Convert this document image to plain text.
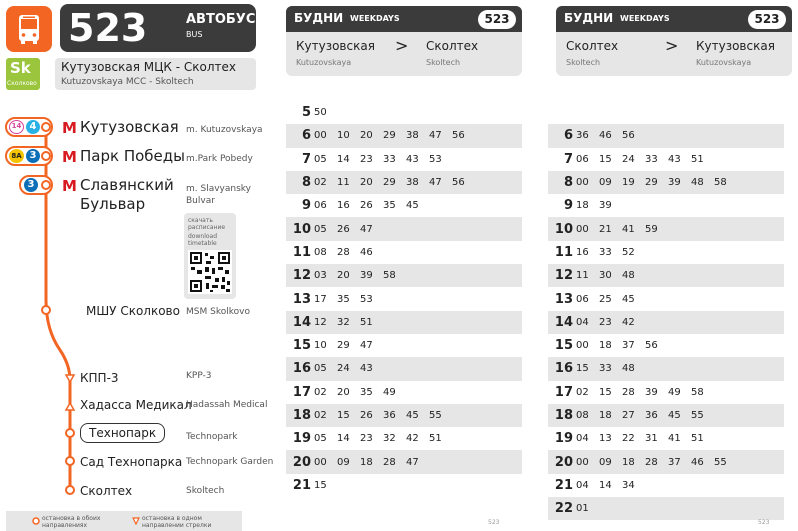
523	АВТОБУС
BUS
Sk
Сколково
Кутузовская МЦК - Сколтех
Kutuzovskaya MCC - Skoltech
14 4
8А 3
3
М Кутузовская m. Kutuzovskaya
М Парк Победы m.Park Pobedy
М Славянский
Бульвар
m. Slavyansky
Bulvar
скачать
расписание
download
timetable
МШУ Сколково MSM Skolkovo
КПП-3	KPP-3
Хадасса Медикал
Hadassah Medical
Технопарк	Technopark
Сад Технопарка Technopark Garden
Сколтех	Skoltech
остановка в обоих
направлениях
остановка в одном
направлении стрелки
БУДНИ WEEKDAYS	523
Кутузовская
Kutuzovskaya
> Сколтех
Skoltech
5 50
6 00	10	20	29	38	47	56
7 05	14	23	33	43	53
8 02	11	20	29	38	47	56
9 06	16	26	35	45
10 05	26	47
11 08	28	46
12 03	20	39	58
13 17	35	53
14 12	32	51
15 10	29	47
16 05	24	43
17 02	20	35	49
18 02	15	26	36	45	55
19 05	14	23	32	42	51
20 00	09	18	28	47
21 15
523
БУДНИ WEEKDAYS	523
Сколтех
Skoltech
> Кутузовская
Kutuzovskaya
6 36	46	56
7 06	15	24	33	43	51
8 00	09	19	29	39	48	58
9 18	39
10 00	21	41	59
11 16	33	52
12 11	30	48
13 06	25	45
14 04	23	42
15 00	18	37	56
16 15	33	48
17 02	15	28	39	49	58
18 08	18	27	36	45	55
19 04	13	22	31	41	51
20 00	09	18	28	37	46	55
21 04	14	34
22 01
523
